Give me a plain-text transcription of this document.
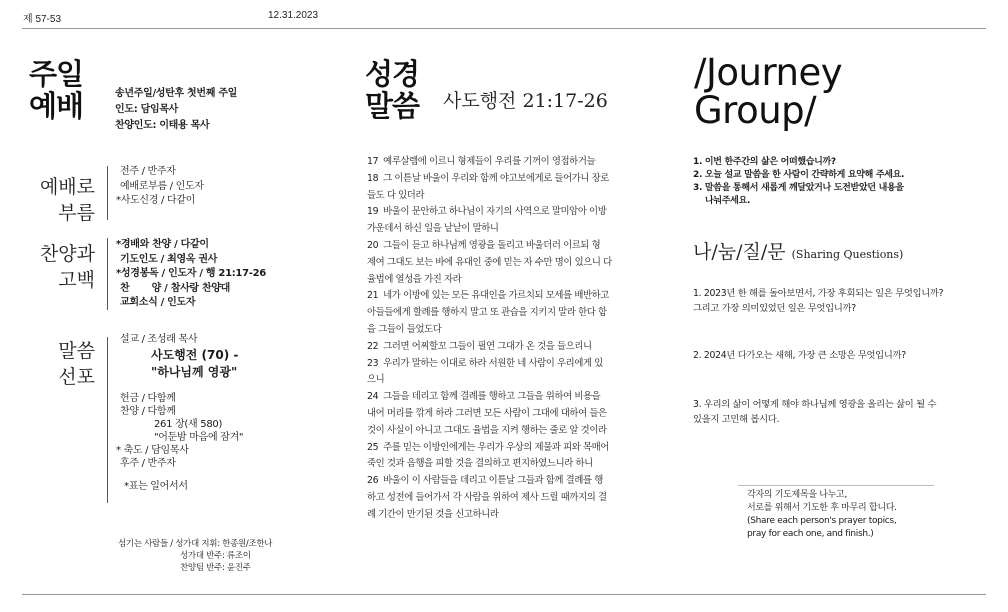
제 57-53	12.31.2023
주일
예배	송년주일/성탄후 첫번째 주일
인도: 담임목사
찬양인도: 이태용 목사
예배로
부름
전주 / 반주자
예배로부름 / 인도자
*사도신경 / 다같이
찬양과
고백
*경배와 찬양 / 다같이
기도인도 / 최영옥 권사
*성경봉독 / 인도자 / 행 21:17-26
찬       양 / 참사랑 찬양대
교회소식 / 인도자
말씀
선포
설교 / 조성래 목사
사도행전 (70) -
"하나님께 영광"
헌금 / 다함께
찬양 / 다함께
261 장(새 580)
"어둔밤 마음에 잠겨"
* 축도 / 담임목사
후주 / 반주자
*표는 일어서서
섬기는 사람들 / 성가대 지휘: 한종원/조한나
성가대 반주: 류조이
찬양팀 반주: 윤진주
성경
말씀 사도행전 21:17-26
17 예루살렘에 이르니 형제들이 우리를 기꺼이 영접하거늘
18 그 이튿날 바울이 우리와 함께 야고보에게로 들어가니 장로
들도 다 있더라
19 바울이 문안하고 하나님이 자기의 사역으로 말미암아 이방
가운데서 하신 일을 낱낱이 말하니
20 그들이 듣고 하나님께 영광을 돌리고 바울더러 이르되 형
제여 그대도 보는 바에 유대인 중에 믿는 자 수만 명이 있으니 다
율법에 열성을 가진 자라
21 네가 이방에 있는 모든 유대인을 가르치되 모세를 배반하고
아들들에게 할례를 행하지 말고 또 관습을 지키지 말라 한다 함
을 그들이 들었도다
22 그러면 어찌할꼬 그들이 필연 그대가 온 것을 들으리니
23 우리가 말하는 이대로 하라 서원한 네 사람이 우리에게 있
으니
24 그들을 데리고 함께 결례를 행하고 그들을 위하여 비용을
내어 머리를 깎게 하라 그러면 모든 사람이 그대에 대하여 들은
것이 사실이 아니고 그대도 율법을 지켜 행하는 줄로 알 것이라
25 주를 믿는 이방인에게는 우리가 우상의 제물과 피와 목매어
죽인 것과 음행을 피할 것을 결의하고 편지하였느니라 하니
26 바울이 이 사람들을 데리고 이튿날 그들과 함께 결례를 행
하고 성전에 들어가서 각 사람을 위하여 제사 드릴 때까지의 결
례 기간이 만기된 것을 신고하니라
/Journey
Group/
1. 이번 한주간의 삶은 어떠했습니까?
2. 오늘 설교 말씀을 한 사람이 간략하게 요약해 주세요.
3. 말씀을 통해서 새롭게 깨달았거나 도전받았던 내용을
나눠주세요.
나/눔/질/문 (Sharing Questions)
1. 2023년 한 해를 돌아보면서, 가장 후회되는 일은 무엇입니까?
그리고 가장 의미있었던 일은 무엇입니까?
2. 2024년 다가오는 새해, 가장 큰 소망은 무엇입니까?
3. 우리의 삶이 어떻게 해야 하나님께 영광을 올리는 삶이 될 수
있을지 고민해 봅시다.
각자의 기도제목을 나누고,
서로를 위해서 기도한 후 마무리 합니다.
(Share each person's prayer topics,
pray for each one, and finish.)
